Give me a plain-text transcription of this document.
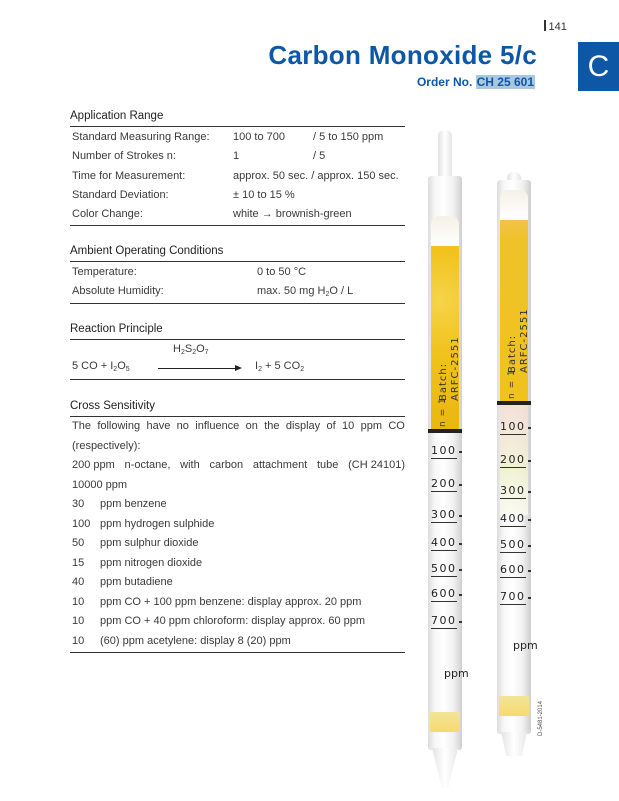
141
Carbon Monoxide 5/c
Order No. CH 25 601	C
Application Range
Standard Measuring Range: 100 to 700	/ 5 to 150 ppm
Number of Strokes n:	1	/ 5
Time for Measurement:	approx. 50 sec. / approx. 150 sec.
Standard Deviation:	± 10 to 15 %
Color Change:	white → brownish-green
Ambient Operating Conditions
Temperature:	0 to 50 °C
Absolute Humidity:	max. 50 mg $H_2O$ / L
Reaction Principle
5 CO + $I_2O_5$
$H_2S_2O_7$
$I_2 + 5$ $CO_2$
Cross Sensitivity
The following have no influence on the display of 10 ppm CO
(respectively):
200 ppm n-octane, with carbon attachment tube (CH 24101)
10000 ppm
30 ppm benzene
100 ppm hydrogen sulphide
50 ppm sulphur dioxide
15 ppm nitrogen dioxide
40 ppm butadiene
10 ppm CO + 100 ppm benzene: display approx. 20 ppm
10 ppm CO + 40 ppm chloroform: display approx. 60 ppm
10 (60) ppm acetylene: display 8 (20) ppm
Batch: ARFC-2551
n = 1
100
200
300
400
500
600
700
ppm
Batch: ARFC-2551
n = 1
100
200
300
400
500
600
700
ppm
D-5481-2014
